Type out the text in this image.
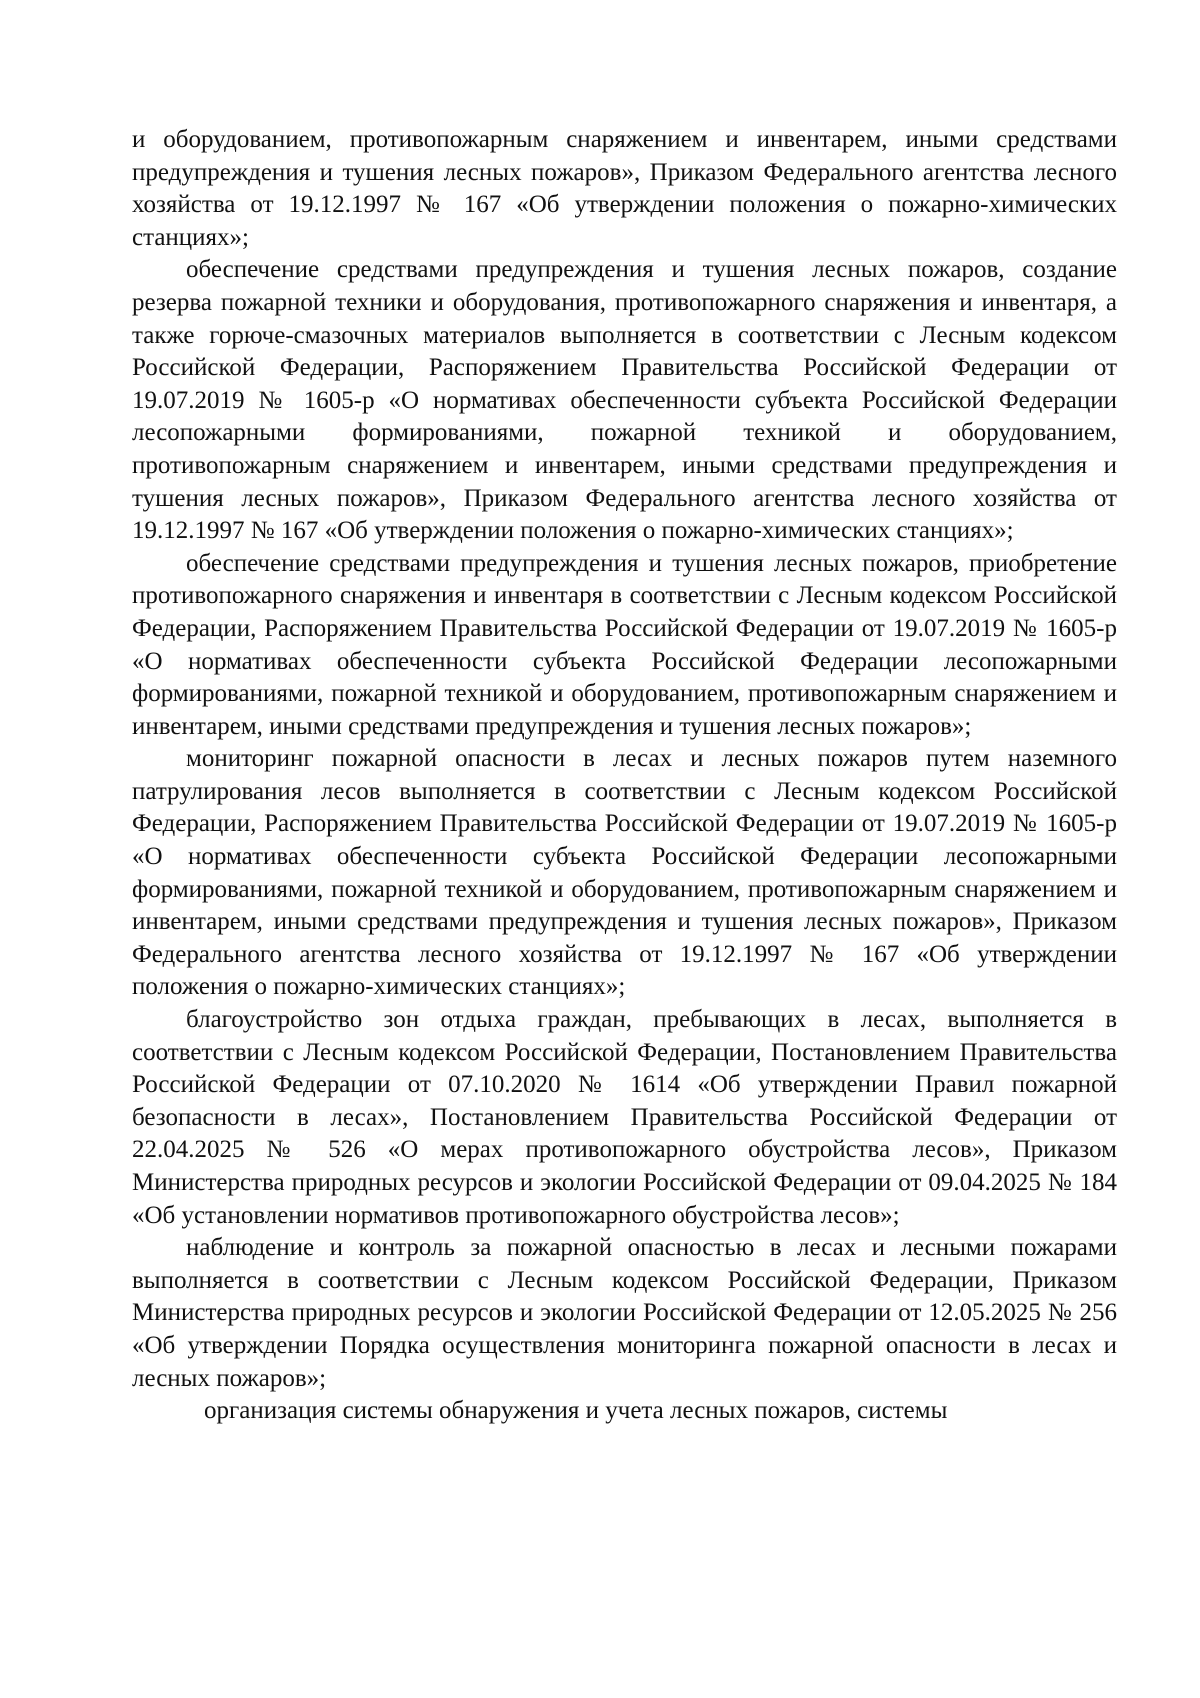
и оборудованием, противопожарным снаряжением и инвентарем, иными средствами предупреждения и тушения лесных пожаров», Приказом Федерального агентства лесного хозяйства от 19.12.1997 № 167 «Об утверждении положения о пожарно-химических станциях»;

обеспечение средствами предупреждения и тушения лесных пожаров, создание резерва пожарной техники и оборудования, противопожарного снаряжения и инвентаря, а также горюче-смазочных материалов выполняется в соответствии с Лесным кодексом Российской Федерации, Распоряжением Правительства Российской Федерации от 19.07.2019 № 1605-р «О нормативах обеспеченности субъекта Российской Федерации лесопожарными формированиями, пожарной техникой и оборудованием, противопожарным снаряжением и инвентарем, иными средствами предупреждения и тушения лесных пожаров», Приказом Федерального агентства лесного хозяйства от 19.12.1997 № 167 «Об утверждении положения о пожарно-химических станциях»;

обеспечение средствами предупреждения и тушения лесных пожаров, приобретение противопожарного снаряжения и инвентаря в соответствии с Лесным кодексом Российской Федерации, Распоряжением Правительства Российской Федерации от 19.07.2019 № 1605-р «О нормативах обеспеченности субъекта Российской Федерации лесопожарными формированиями, пожарной техникой и оборудованием, противопожарным снаряжением и инвентарем, иными средствами предупреждения и тушения лесных пожаров»;

мониторинг пожарной опасности в лесах и лесных пожаров путем наземного патрулирования лесов выполняется в соответствии с Лесным кодексом Российской Федерации, Распоряжением Правительства Российской Федерации от 19.07.2019 № 1605-р «О нормативах обеспеченности субъекта Российской Федерации лесопожарными формированиями, пожарной техникой и оборудованием, противопожарным снаряжением и инвентарем, иными средствами предупреждения и тушения лесных пожаров», Приказом Федерального агентства лесного хозяйства от 19.12.1997 № 167 «Об утверждении положения о пожарно-химических станциях»;

благоустройство зон отдыха граждан, пребывающих в лесах, выполняется в соответствии с Лесным кодексом Российской Федерации, Постановлением Правительства Российской Федерации от 07.10.2020 № 1614 «Об утверждении Правил пожарной безопасности в лесах», Постановлением Правительства Российской Федерации от 22.04.2025 № 526 «О мерах противопожарного обустройства лесов», Приказом Министерства природных ресурсов и экологии Российской Федерации от 09.04.2025 № 184 «Об установлении нормативов противопожарного обустройства лесов»;

наблюдение и контроль за пожарной опасностью в лесах и лесными пожарами выполняется в соответствии с Лесным кодексом Российской Федерации, Приказом Министерства природных ресурсов и экологии Российской Федерации от 12.05.2025 № 256 «Об утверждении Порядка осуществления мониторинга пожарной опасности в лесах и лесных пожаров»;

организация системы обнаружения и учета лесных пожаров, системы
